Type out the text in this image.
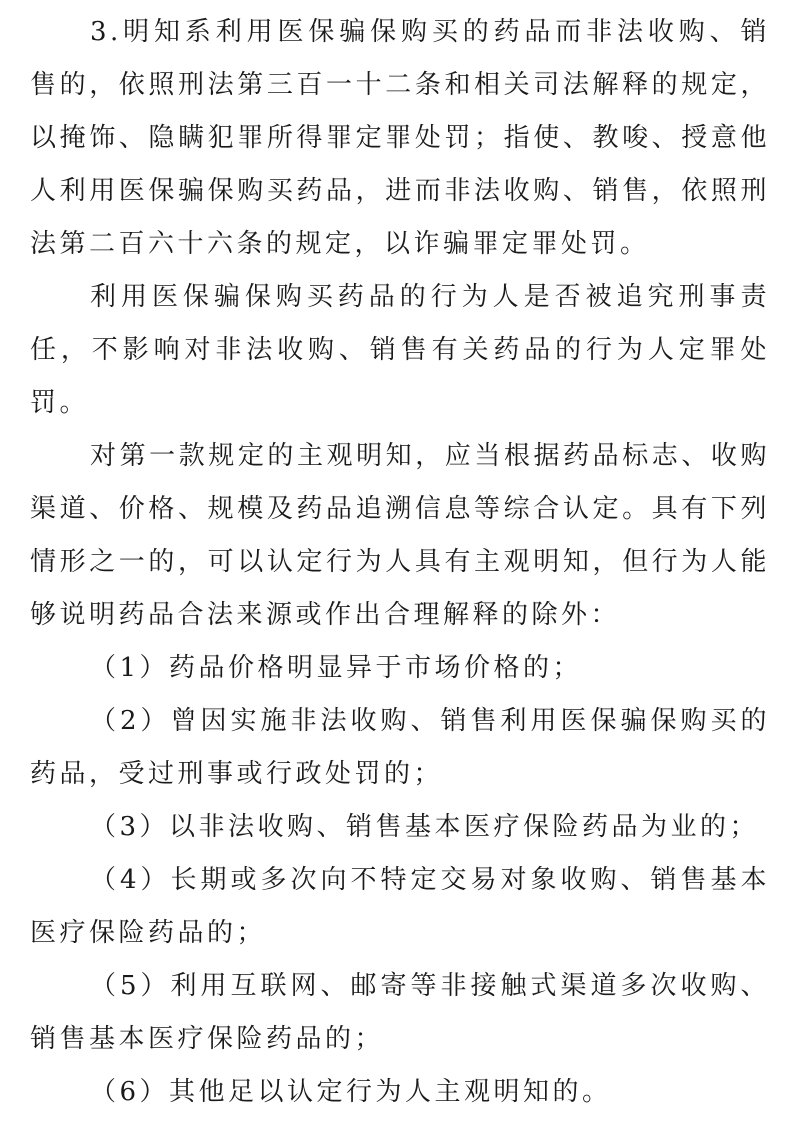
3.明知系利用医保骗保购买的药品而非法收购、销售的，依照刑法第三百一十二条和相关司法解释的规定，以掩饰、隐瞒犯罪所得罪定罪处罚；指使、教唆、授意他人利用医保骗保购买药品，进而非法收购、销售，依照刑法第二百六十六条的规定，以诈骗罪定罪处罚。

利用医保骗保购买药品的行为人是否被追究刑事责任，不影响对非法收购、销售有关药品的行为人定罪处罚。

对第一款规定的主观明知，应当根据药品标志、收购渠道、价格、规模及药品追溯信息等综合认定。具有下列情形之一的，可以认定行为人具有主观明知，但行为人能够说明药品合法来源或作出合理解释的除外：

（1）药品价格明显异于市场价格的；

（2）曾因实施非法收购、销售利用医保骗保购买的药品，受过刑事或行政处罚的；

（3）以非法收购、销售基本医疗保险药品为业的；

（4）长期或多次向不特定交易对象收购、销售基本医疗保险药品的；

（5）利用互联网、邮寄等非接触式渠道多次收购、销售基本医疗保险药品的；

（6）其他足以认定行为人主观明知的。
